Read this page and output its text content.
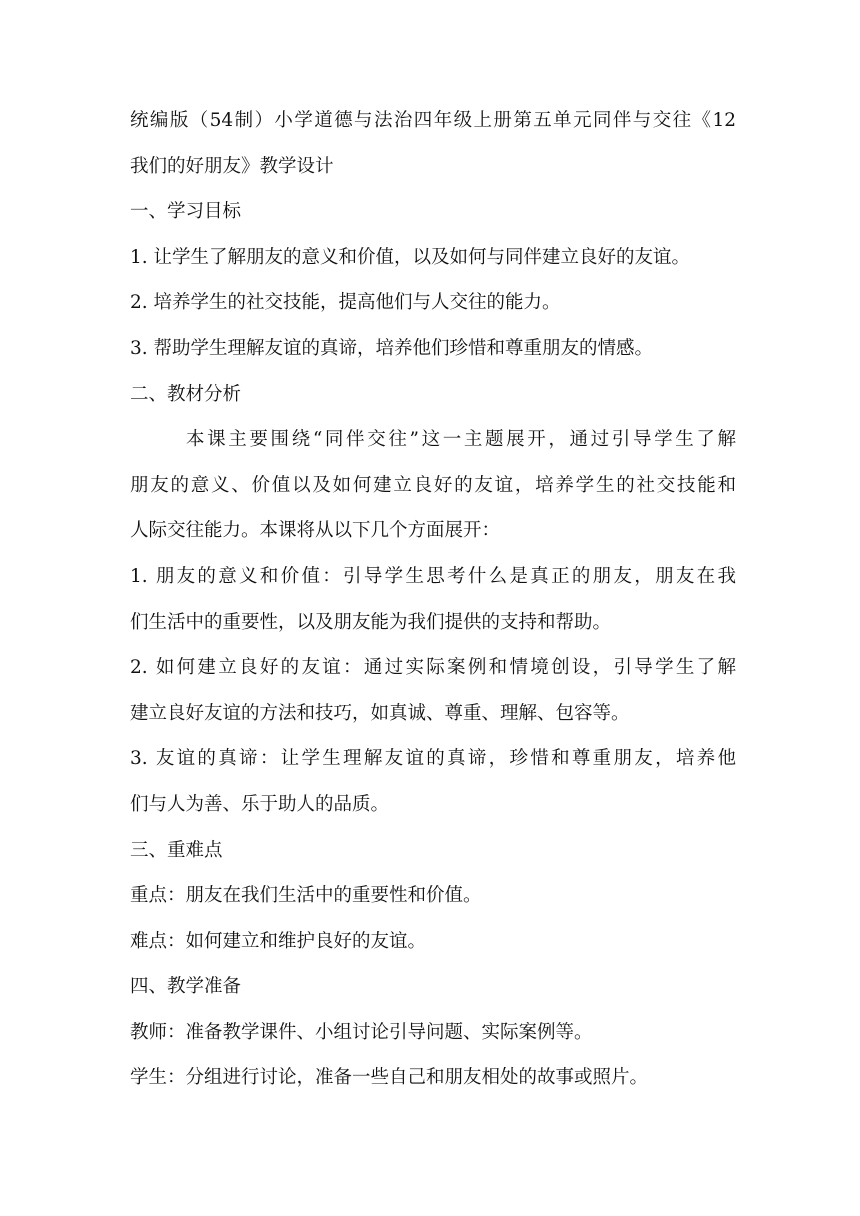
统编版（54制）小学道德与法治四年级上册第五单元同伴与交往《12
我们的好朋友》教学设计
一、学习目标
1. 让学生了解朋友的意义和价值，以及如何与同伴建立良好的友谊。
2. 培养学生的社交技能，提高他们与人交往的能力。
3. 帮助学生理解友谊的真谛，培养他们珍惜和尊重朋友的情感。
二、教材分析
本课主要围绕“同伴交往”这一主题展开，通过引导学生了解
朋友的意义、价值以及如何建立良好的友谊，培养学生的社交技能和
人际交往能力。本课将从以下几个方面展开：
1. 朋友的意义和价值：引导学生思考什么是真正的朋友，朋友在我
们生活中的重要性，以及朋友能为我们提供的支持和帮助。
2. 如何建立良好的友谊：通过实际案例和情境创设，引导学生了解
建立良好友谊的方法和技巧，如真诚、尊重、理解、包容等。
3. 友谊的真谛：让学生理解友谊的真谛，珍惜和尊重朋友，培养他
们与人为善、乐于助人的品质。
三、重难点
重点：朋友在我们生活中的重要性和价值。
难点：如何建立和维护良好的友谊。
四、教学准备
教师：准备教学课件、小组讨论引导问题、实际案例等。
学生：分组进行讨论，准备一些自己和朋友相处的故事或照片。
